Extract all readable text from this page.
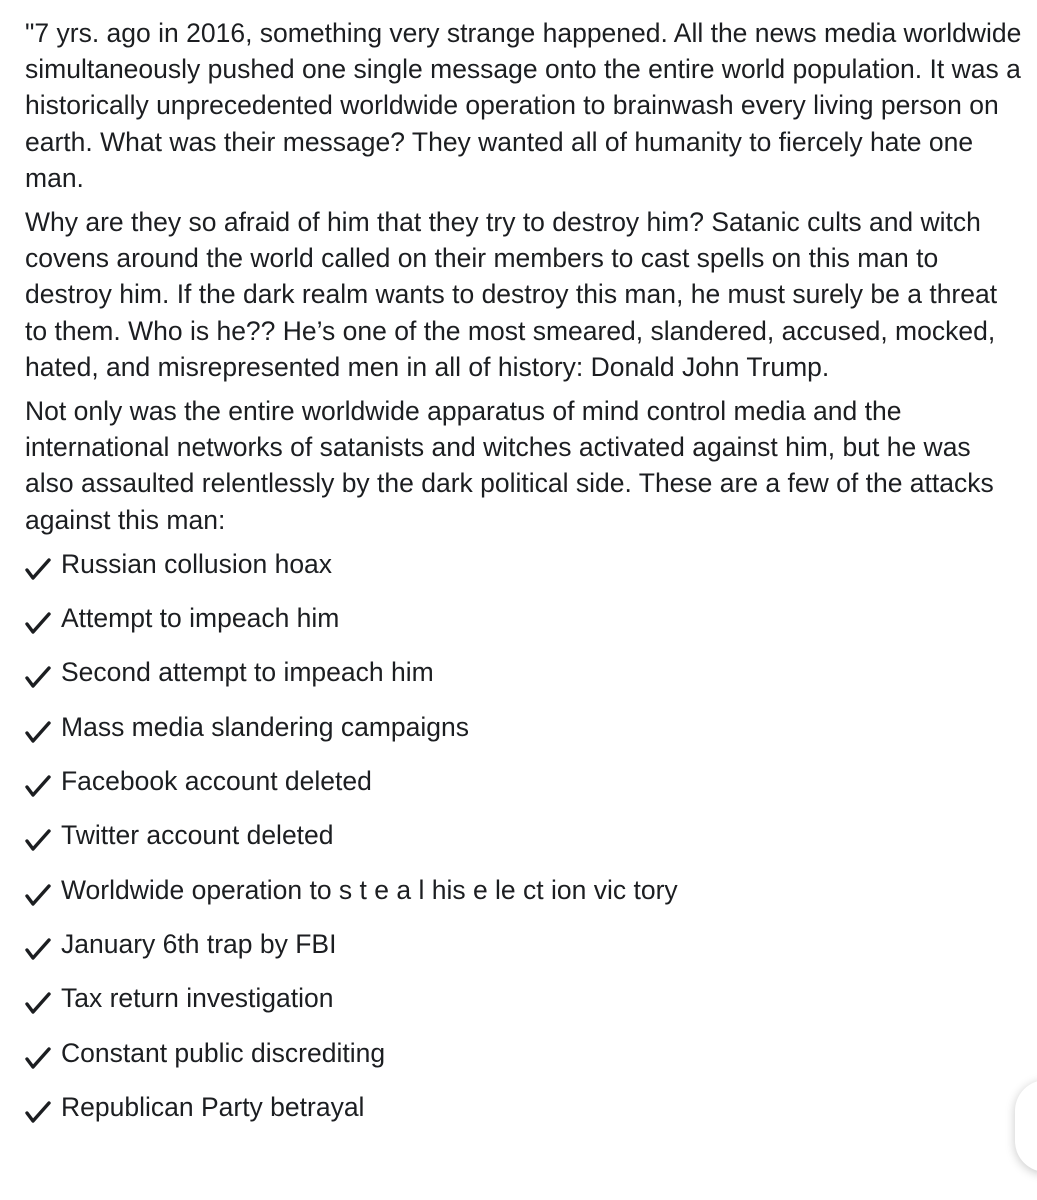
"7 yrs. ago in 2016, something very strange happened. All the news media worldwide simultaneously pushed one single message onto the entire world population. It was a historically unprecedented worldwide operation to brainwash every living person on earth. What was their message? They wanted all of humanity to fiercely hate one man.

Why are they so afraid of him that they try to destroy him? Satanic cults and witch covens around the world called on their members to cast spells on this man to destroy him. If the dark realm wants to destroy this man, he must surely be a threat to them. Who is he?? He’s one of the most smeared, slandered, accused, mocked, hated, and misrepresented men in all of history: Donald John Trump.

Not only was the entire worldwide apparatus of mind control media and the international networks of satanists and witches activated against him, but he was also assaulted relentlessly by the dark political side. These are a few of the attacks against this man:

Russian collusion hoax
Attempt to impeach him
Second attempt to impeach him
Mass media slandering campaigns
Facebook account deleted
Twitter account deleted
Worldwide operation to s t e a l his e le ct ion vic tory
January 6th trap by FBI
Tax return investigation
Constant public discrediting
Republican Party betrayal
